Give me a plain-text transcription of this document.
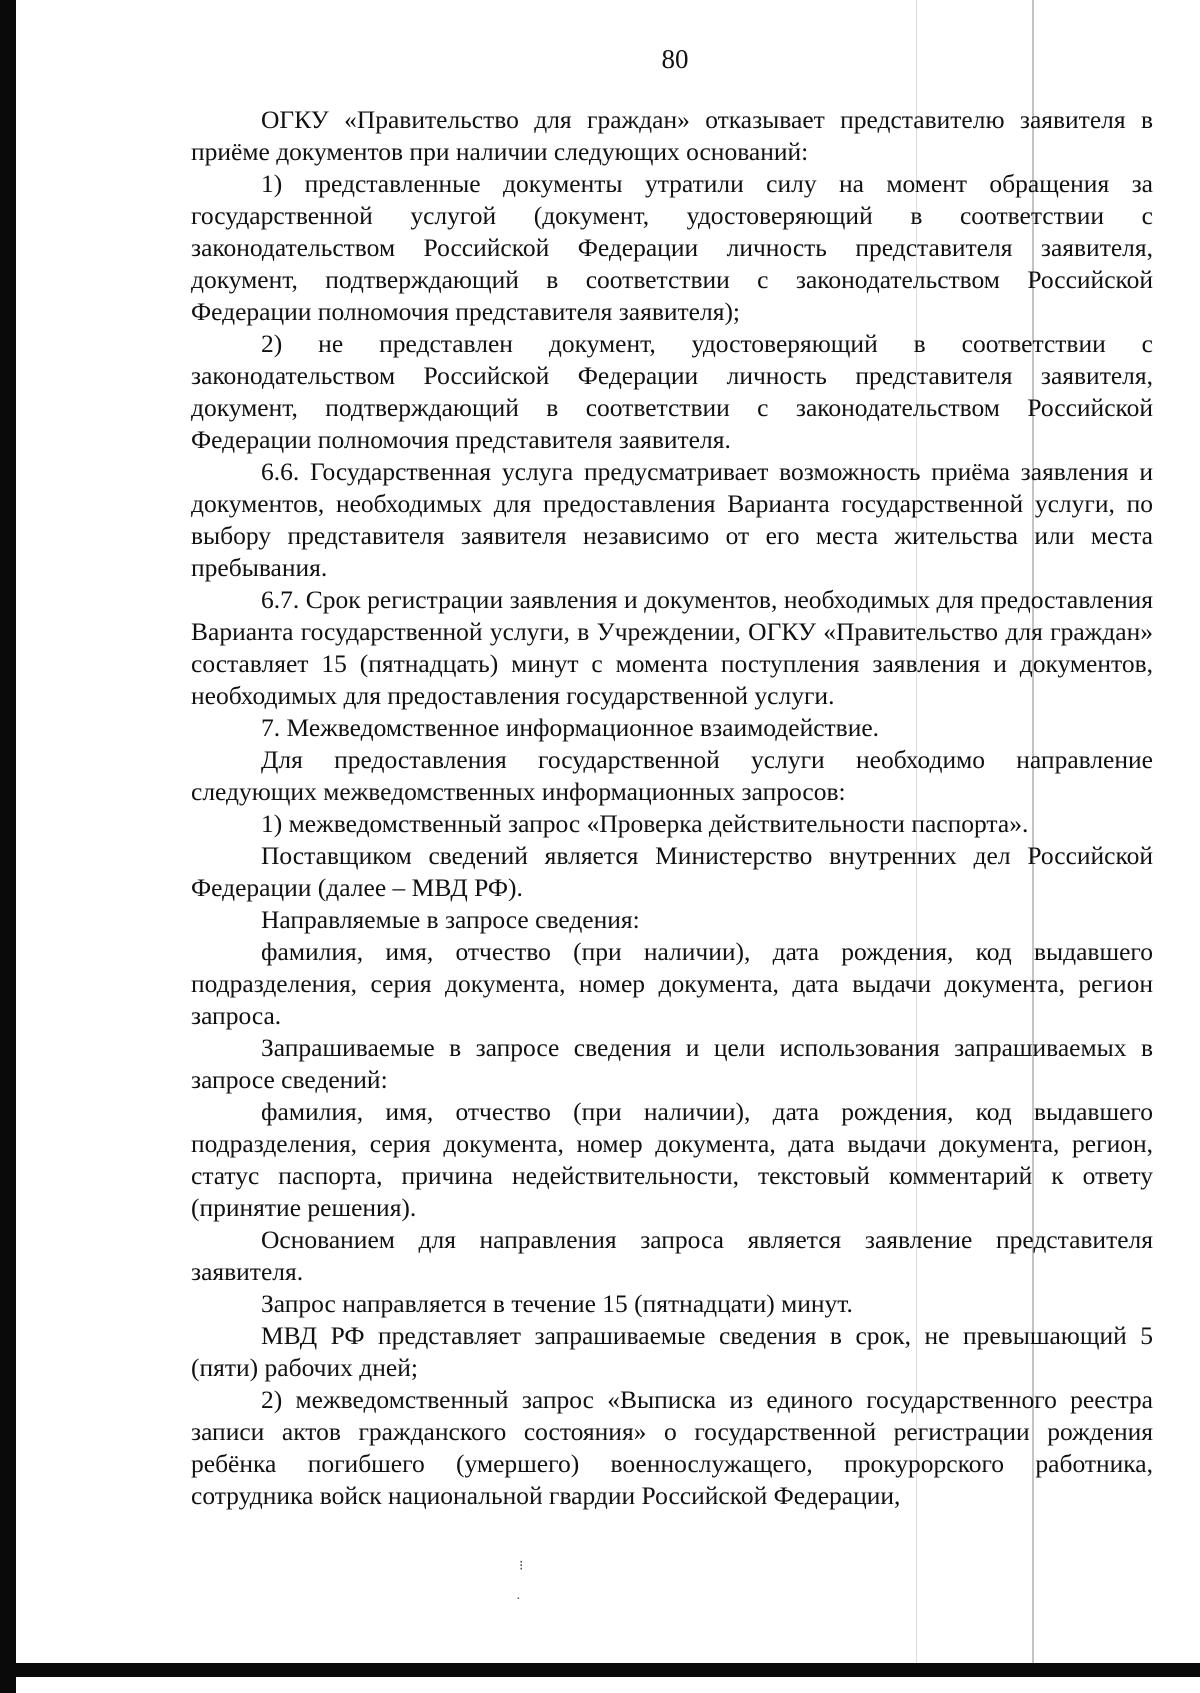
80

ОГКУ «Правительство для граждан» отказывает представителю заявителя в приёме документов при наличии следующих оснований:

1) представленные документы утратили силу на момент обращения за государственной услугой (документ, удостоверяющий в соответствии с законодательством Российской Федерации личность представителя заявителя, документ, подтверждающий в соответствии с законодательством Российской Федерации полномочия представителя заявителя);

2) не представлен документ, удостоверяющий в соответствии с законодательством Российской Федерации личность представителя заявителя, документ, подтверждающий в соответствии с законодательством Российской Федерации полномочия представителя заявителя.

6.6. Государственная услуга предусматривает возможность приёма заявления и документов, необходимых для предоставления Варианта государственной услуги, по выбору представителя заявителя независимо от его места жительства или места пребывания.

6.7. Срок регистрации заявления и документов, необходимых для предоставления Варианта государственной услуги, в Учреждении, ОГКУ «Правительство для граждан» составляет 15 (пятнадцать) минут с момента поступления заявления и документов, необходимых для предоставления государственной услуги.

7. Межведомственное информационное взаимодействие.

Для предоставления государственной услуги необходимо направление следующих межведомственных информационных запросов:

1) межведомственный запрос «Проверка действительности паспорта».

Поставщиком сведений является Министерство внутренних дел Российской Федерации (далее – МВД РФ).

Направляемые в запросе сведения:

фамилия, имя, отчество (при наличии), дата рождения, код выдавшего подразделения, серия документа, номер документа, дата выдачи документа, регион запроса.

Запрашиваемые в запросе сведения и цели использования запрашиваемых в запросе сведений:

фамилия, имя, отчество (при наличии), дата рождения, код выдавшего подразделения, серия документа, номер документа, дата выдачи документа, регион, статус паспорта, причина недействительности, текстовый комментарий к ответу (принятие решения).

Основанием для направления запроса является заявление представителя заявителя.

Запрос направляется в течение 15 (пятнадцати) минут.

МВД РФ представляет запрашиваемые сведения в срок, не превышающий 5 (пяти) рабочих дней;

2) межведомственный запрос «Выписка из единого государственного реестра записи актов гражданского состояния» о государственной регистрации рождения ребёнка погибшего (умершего) военнослужащего, прокурорского работника, сотрудника войск национальной гвардии Российской Федерации,

⁝
·
